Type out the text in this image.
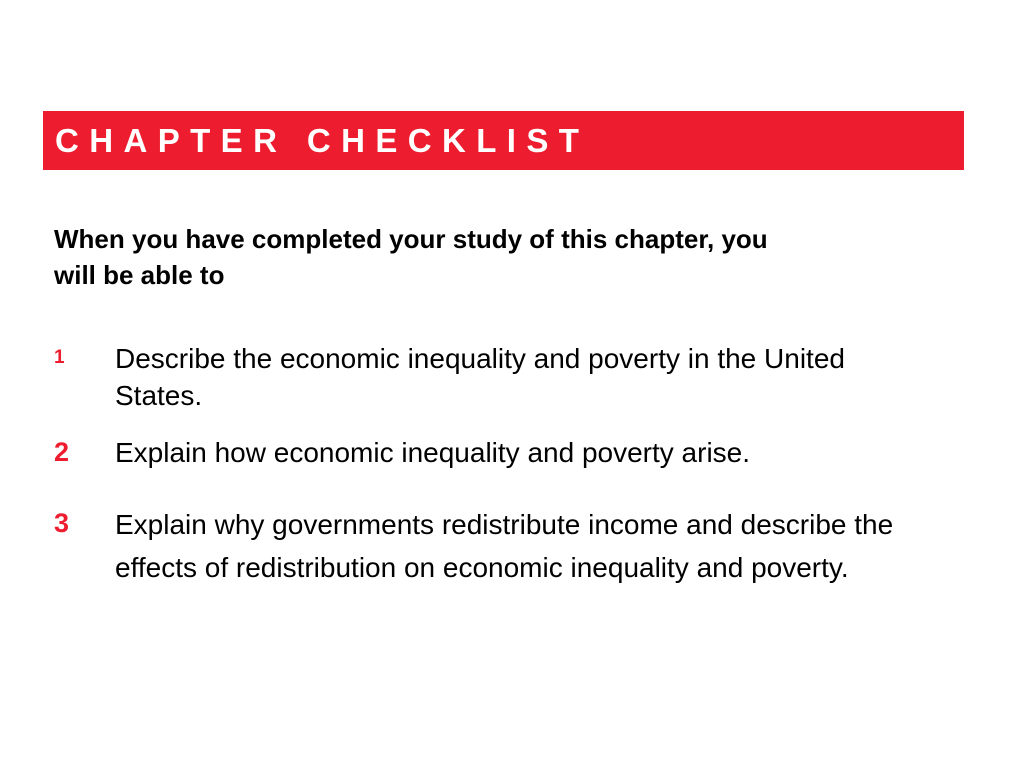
CHAPTER CHECKLIST
When you have completed your study of this chapter, you will be able to
1 Describe the economic inequality and poverty in the United States.
2 Explain how economic inequality and poverty arise.
3 Explain why governments redistribute income and describe the effects of redistribution on economic inequality and poverty.
